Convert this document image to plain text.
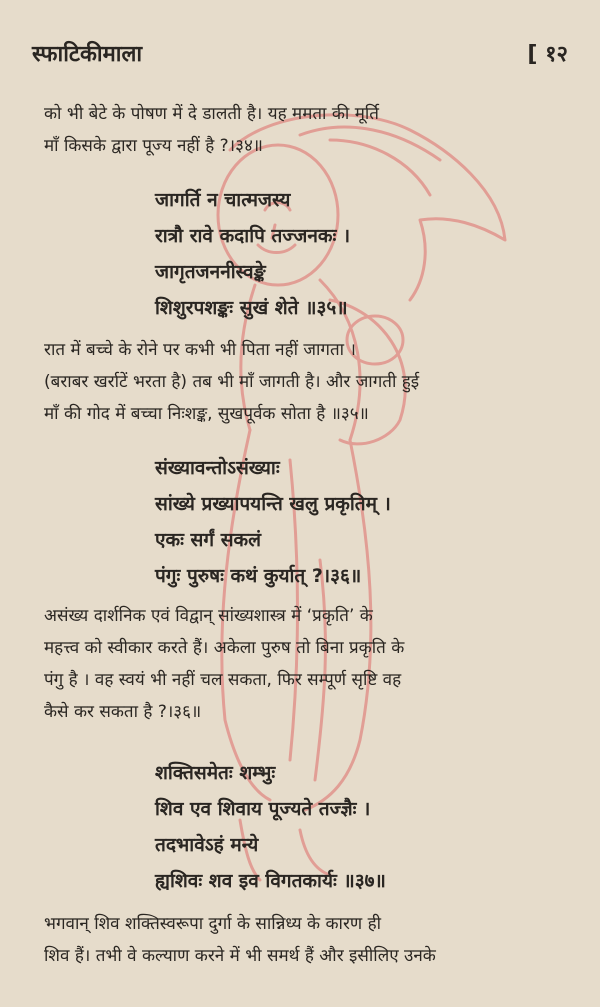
स्फाटिकीमाला	[ १२
को भी बेटे के पोषण में दे डालती है। यह ममता की मूर्ति
माँ किसके द्वारा पूज्य नहीं है ?।३४॥
जागर्ति न चात्मजस्य
रात्रौ रावे कदापि तज्जनकः ।
जागृतजननीस्वङ्के
शिशुरपशङ्कः सुखं शेते ॥३५॥
रात में बच्चे के रोने पर कभी भी पिता नहीं जागता ।
(बराबर खर्राटें भरता है) तब भी माँ जागती है। और जागती हुई
माँ की गोद में बच्चा निःशङ्क, सुखपूर्वक सोता है ॥३५॥
संख्यावन्तोऽसंख्याः
सांख्ये प्रख्यापयन्ति खलु प्रकृतिम् ।
एकः सर्गं सकलं
पंगुः पुरुषः कथं कुर्यात् ?।३६॥
असंख्य दार्शनिक एवं विद्वान् सांख्यशास्त्र में ‘प्रकृति’ के
महत्त्व को स्वीकार करते हैं। अकेला पुरुष तो बिना प्रकृति के
पंगु है । वह स्वयं भी नहीं चल सकता, फिर सम्पूर्ण सृष्टि वह
कैसे कर सकता है ?।३६॥
शक्तिसमेतः शम्भुः
शिव एव शिवाय पूज्यते तज्ज्ञैः ।
तदभावेऽहं मन्ये
ह्यशिवः शव इव विगतकार्यः ॥३७॥
भगवान् शिव शक्तिस्वरूपा दुर्गा के सान्निध्य के कारण ही
शिव हैं। तभी वे कल्याण करने में भी समर्थ हैं और इसीलिए उनके
